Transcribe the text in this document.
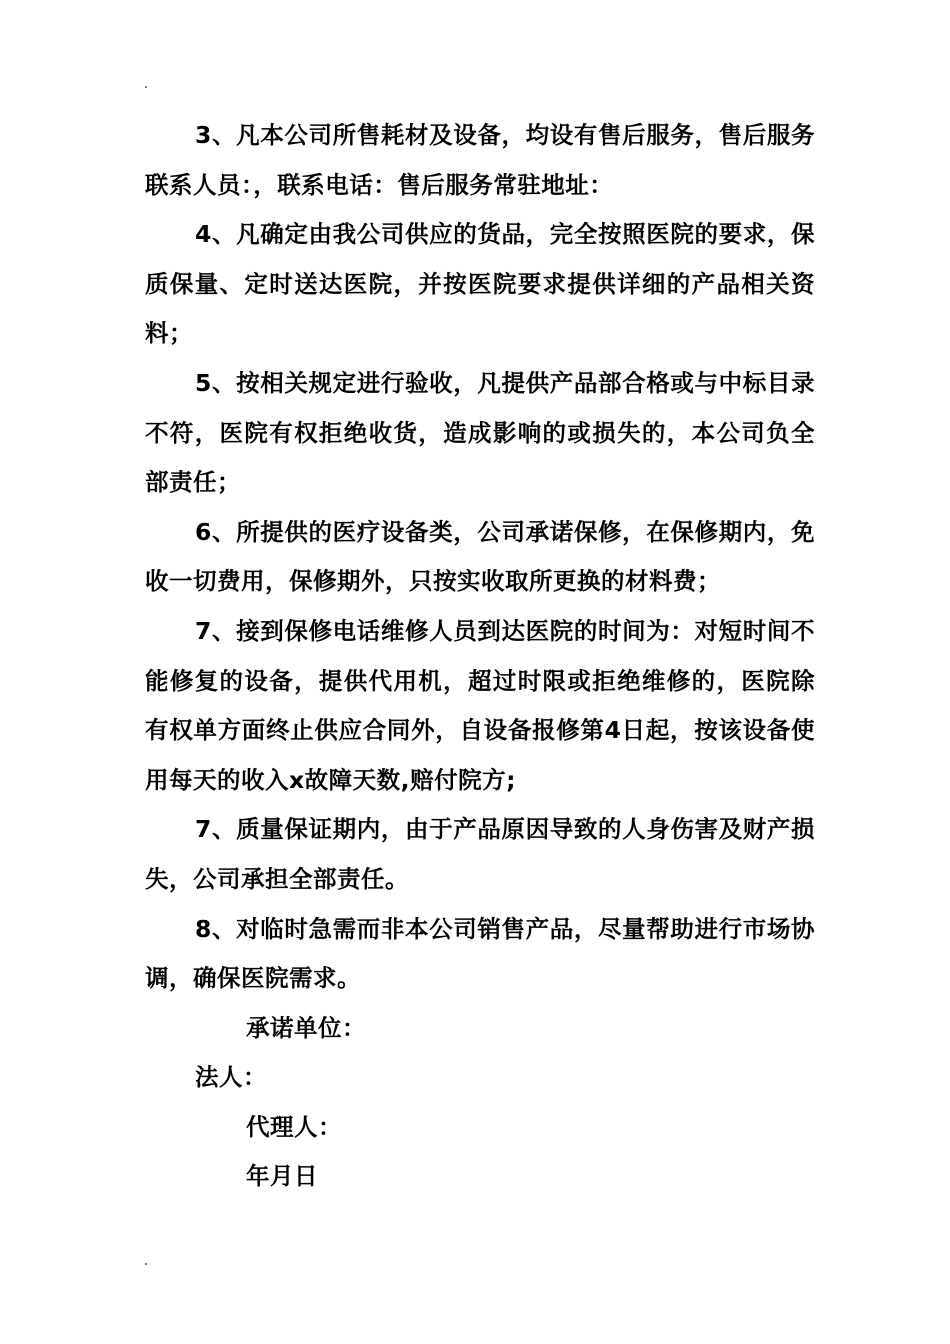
3、凡本公司所售耗材及设备，均设有售后服务，售后服务联系人员：，联系电话：售后服务常驻地址：

4、凡确定由我公司供应的货品，完全按照医院的要求，保质保量、定时送达医院，并按医院要求提供详细的产品相关资料；

5、按相关规定进行验收，凡提供产品部合格或与中标目录不符，医院有权拒绝收货，造成影响的或损失的，本公司负全部责任；

6、所提供的医疗设备类，公司承诺保修，在保修期内，免收一切费用，保修期外，只按实收取所更换的材料费；

7、接到保修电话维修人员到达医院的时间为：对短时间不能修复的设备，提供代用机，超过时限或拒绝维修的，医院除有权单方面终止供应合同外，自设备报修第4日起，按该设备使用每天的收入x故障天数,赔付院方;

7、质量保证期内，由于产品原因导致的人身伤害及财产损失，公司承担全部责任。

8、对临时急需而非本公司销售产品，尽量帮助进行市场协调，确保医院需求。

承诺单位：

法人：

代理人：

年月日
